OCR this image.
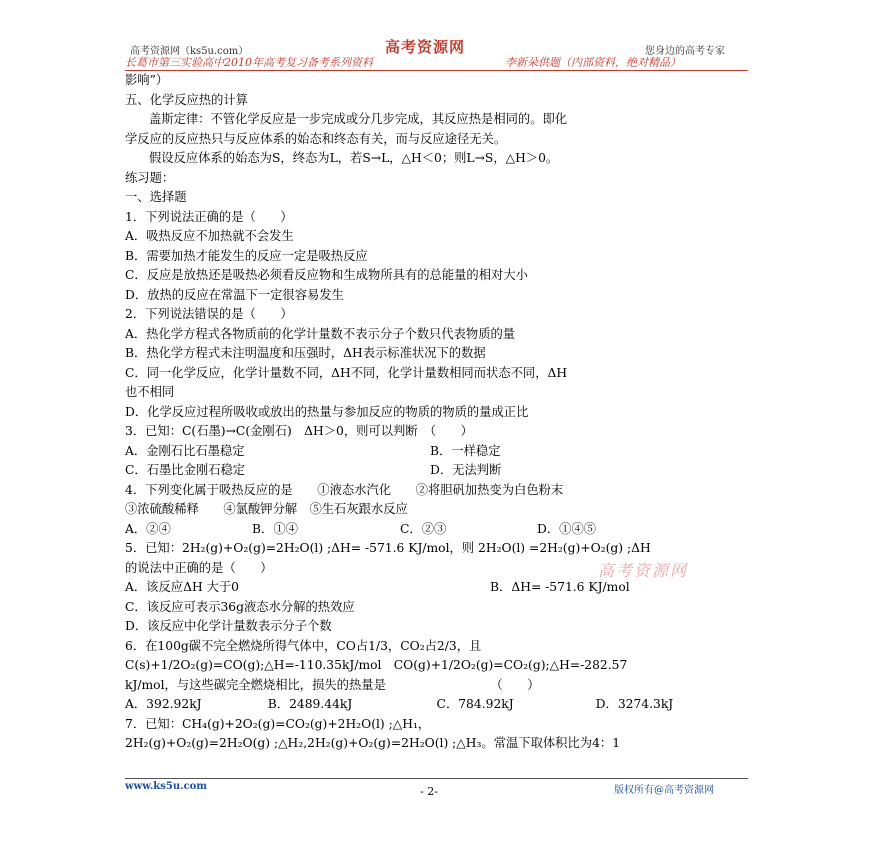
高考资源网（ks5u.com）	高考资源网	您身边的高考专家
长葛市第三实验高中2010年高考复习备考系列资料	李新朵供题（内部资料，绝对精品）
影响”）
五、化学反应热的计算
盖斯定律：不管化学反应是一步完成或分几步完成，其反应热是相同的。即化
学反应的反应热只与反应体系的始态和终态有关，而与反应途径无关。
假设反应体系的始态为S，终态为L，若S→L，△H＜0；则L→S，△H＞0。
练习题：
一、选择题
1．下列说法正确的是（　　）
A．吸热反应不加热就不会发生
B．需要加热才能发生的反应一定是吸热反应
C．反应是放热还是吸热必须看反应物和生成物所具有的总能量的相对大小
D．放热的反应在常温下一定很容易发生
2．下列说法错误的是（　　）
A．热化学方程式各物质前的化学计量数不表示分子个数只代表物质的量
B．热化学方程式未注明温度和压强时，ΔH表示标准状况下的数据
C．同一化学反应，化学计量数不同，ΔH不同，化学计量数相同而状态不同，ΔH
也不相同
D．化学反应过程所吸收或放出的热量与参加反应的物质的物质的量成正比
3．已知：C(石墨)→C(金刚石)　ΔH＞0，则可以判断　（　　）
A．金刚石比石墨稳定	B．一样稳定
C．石墨比金刚石稳定	D．无法判断
4．下列变化属于吸热反应的是　　①液态水汽化　　②将胆矾加热变为白色粉末
③浓硫酸稀释　　④氯酸钾分解　⑤生石灰跟水反应
A．②④	B．①④	C．②③	D．①④⑤
5．已知：2H₂(g)+O₂(g)=2H₂O(l) ;ΔH= -571.6 KJ/mol，则 2H₂O(l) =2H₂(g)+O₂(g) ;ΔH
的说法中正确的是（　　）
A．该反应ΔH 大于0	B．ΔH= -571.6 KJ/mol
C．该反应可表示36g液态水分解的热效应
D．该反应中化学计量数表示分子个数
6．在100g碳不完全燃烧所得气体中，CO占1/3，CO₂占2/3，且
C(s)+1/2O₂(g)=CO(g);△H=-110.35kJ/mol　CO(g)+1/2O₂(g)=CO₂(g);△H=-282.57
kJ/mol，与这些碳完全燃烧相比，损失的热量是　　　　　　　　　（　　）
A．392.92kJ	B．2489.44kJ	C．784.92kJ	D．3274.3kJ
7．已知：CH₄(g)+2O₂(g)=CO₂(g)+2H₂O(l) ;△H₁，
2H₂(g)+O₂(g)=2H₂O(g) ;△H₂,2H₂(g)+O₂(g)=2H₂O(l) ;△H₃。常温下取体积比为4：1
高考资源网
www.ks5u.com	- 2-	版权所有@高考资源网
